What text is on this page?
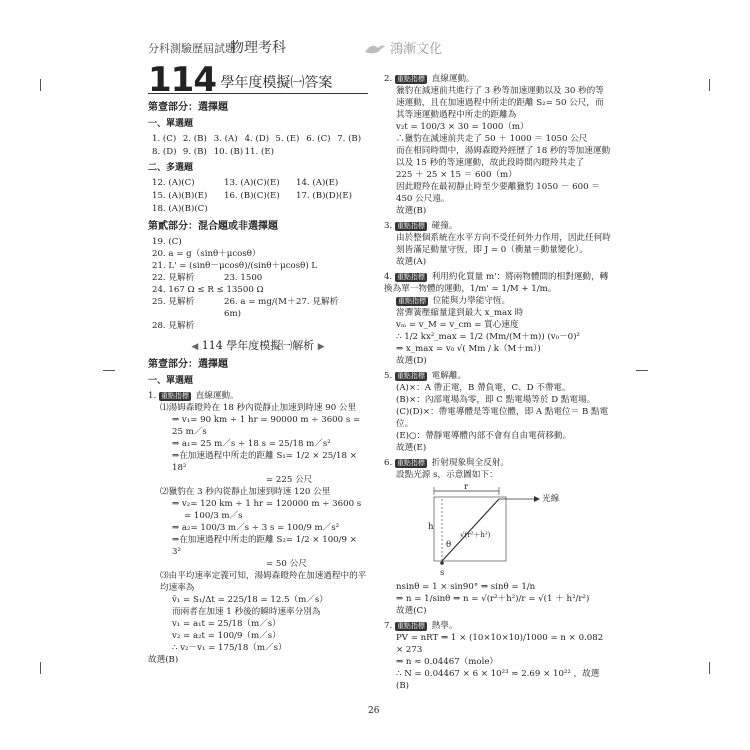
分科測驗歷屆試題
物理考科	鴻漸文化
114 學年度模擬㈠答案
第壹部分：選擇題
一、單選題
1. (C) 2. (B) 3. (A) 4. (D) 5. (E) 6. (C) 7. (B)
8. (D) 9. (B) 10. (B) 11. (E)
二、多選題
12. (A)(C)	13. (A)(C)(E)	14. (A)(E)
15. (A)(B)(E)	16. (B)(C)(E)	17. (B)(D)(E)
18. (A)(B)(C)
第貳部分：混合題或非選擇題
19. (C)
20. a = g（sinθ＋μcosθ）
21. L' = (sinθ－μcosθ)/(sinθ＋μcosθ) L
22. 見解析	23. 1500
24. 167 Ω ≤ R ≤ 13500 Ω
25. 見解析	26. a = mg/(M＋6m)
27. 見解析
28. 見解析
◀ 114 學年度模擬㈠解析 ▶
第壹部分：選擇題
一、單選題
1. 重點指標 直線運動。
⑴湯姆森瞪羚在 18 秒內從靜止加速到時速 90 公里
⇒ v₁= 90 km ÷ 1 hr = 90000 m ÷ 3600 s = 25 m／s
⇒ a₁= 25 m／s ÷ 18 s = 25/18 m／s²
⇒在加速過程中所走的距離 S₁= 1/2 × 25/18 × 18²
= 225 公尺
⑵獵豹在 3 秒內從靜止加速到時速 120 公里
⇒ v₂= 120 km ÷ 1 hr = 120000 m ÷ 3600 s
= 100/3 m／s
⇒ a₂= 100/3 m／s ÷ 3 s = 100/9 m／s²
⇒在加速過程中所走的距離 S₂= 1/2 × 100/9 × 3²
= 50 公尺
⑶由平均速率定義可知，湯姆森瞪羚在加速過程中的平均速率為
v̄₁ = S₁/Δt = 225/18 = 12.5（m／s）
而兩者在加速 1 秒後的瞬時速率分別為
v₁ = a₁t = 25/18（m／s）
v₂ = a₂t = 100/9（m／s）
∴ v₂－v₁ = 175/18（m／s）
故選(B)
2. 重點指標 直線運動。
獵豹在減速前共進行了 3 秒等加速運動以及 30 秒的等速運動，且在加速過程中所走的距離 S₂= 50 公尺，而其等速運動過程中所走的距離為
v₂t = 100/3 × 30 = 1000（m）
∴獵豹在減速前共走了 50 ＋ 1000 ＝ 1050 公尺
而在相同時間中，湯姆森瞪羚經歷了 18 秒的等加速運動以及 15 秒的等速運動，故此段時間內瞪羚共走了
225 ＋ 25 × 15 ＝ 600（m）
因此瞪羚在最初靜止時至少要離獵豹 1050 － 600 ＝ 450 公尺遠。
故選(B)
3. 重點指標 碰撞。
由於整個系統在水平方向不受任何外力作用，因此任何時刻皆滿足動量守恆，即 J = 0（衝量＝動量變化）。
故選(A)
4. 重點指標 利用約化質量 m'：將兩物體間的相對運動，轉換為單一物體的運動，1/m' = 1/M + 1/m。
重點指標 位能與力學能守恆。
當彈簧壓縮量達到最大 x_max 時
vₘ = v_M = v_cm = 質心速度
∴ 1/2 kx²_max = 1/2 (Mm/(M＋m)) (v₀－0)²
⇒ x_max = v₀ √( Mm / k（M＋m）)
故選(D)
5. 重點指標 電解離。
(A)×：A 帶正電，B 帶負電，C、D 不帶電。
(B)×：內部電場為零，即 C 點電場等於 D 點電場。
(C)(D)×：帶電導體是等電位體，即 A 點電位＝ B 點電位。
(E)○：帶靜電導體內部不會有自由電荷移動。
故選(E)
6. 重點指標 折射現象與全反射。
設點光源 s，示意圖如下：
r
h
θ
√(r²＋h²)
s
光線
nsinθ = 1 × sin90° ⇒ sinθ = 1/n
⇒ n = 1/sinθ ⇒ n = √(r²＋h²)/r = √(1 ＋ h²/r²)
故選(C)
7. 重點指標 熱學。
PV = nRT ⇒ 1 × (10×10×10)/1000 = n × 0.082 × 273
⇒ n ≈ 0.04467（mole）
∴ N = 0.04467 × 6 × 10²³ ≈ 2.69 × 10²² ，故選(B)
26
